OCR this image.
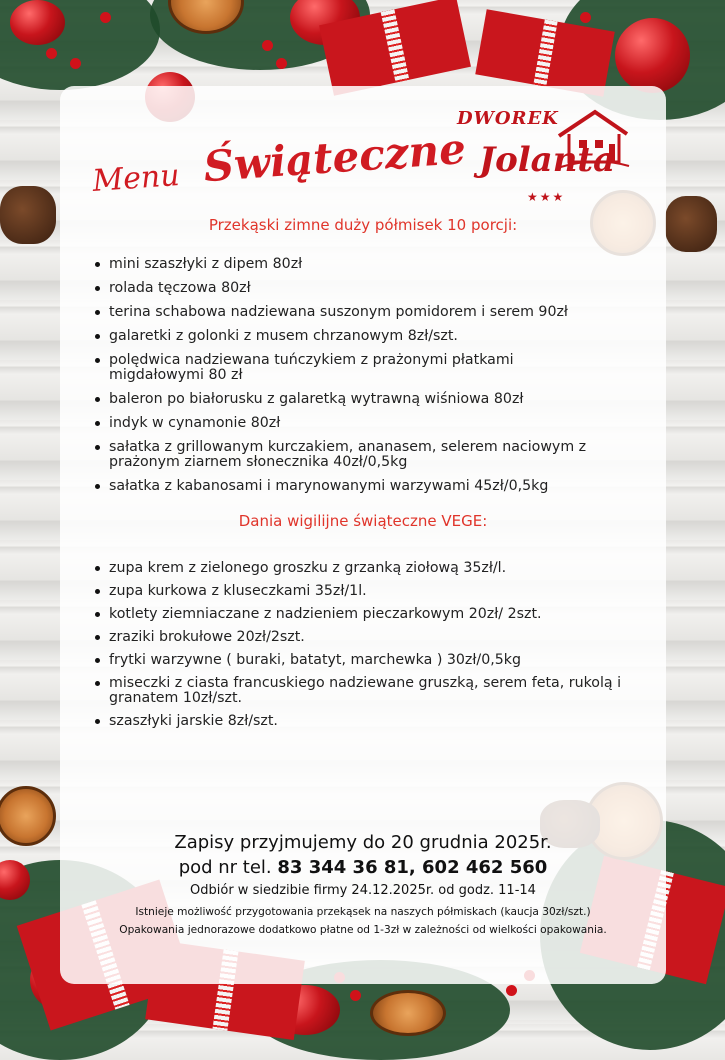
Menu Świąteczne
DWOREK
Jolanta
★★★
Przekąski zimne duży półmisek 10 porcji:
mini szaszłyki z dipem 80zł
rolada tęczowa 80zł
terina schabowa nadziewana suszonym pomidorem i serem 90zł
galaretki z golonki z musem chrzanowym 8zł/szt.
polędwica nadziewana tuńczykiem z prażonymi płatkami migdałowymi 80 zł
baleron po białorusku z galaretką wytrawną wiśniowa 80zł
indyk w cynamonie 80zł
sałatka z grillowanym kurczakiem, ananasem, selerem naciowym z prażonym ziarnem słonecznika 40zł/0,5kg
sałatka z kabanosami i marynowanymi warzywami 45zł/0,5kg
Dania wigilijne świąteczne VEGE:
zupa krem z zielonego groszku z grzanką ziołową 35zł/l.
zupa kurkowa z kluseczkami 35zł/1l.
kotlety ziemniaczane z nadzieniem pieczarkowym 20zł/ 2szt.
zraziki brokułowe 20zł/2szt.
frytki warzywne ( buraki, batatyt, marchewka ) 30zł/0,5kg
miseczki z ciasta francuskiego nadziewane gruszką, serem feta, rukolą i granatem 10zł/szt.
szaszłyki jarskie 8zł/szt.
Zapisy przyjmujemy do 20 grudnia 2025r.
pod nr tel. 83 344 36 81, 602 462 560
Odbiór w siedzibie firmy 24.12.2025r. od godz. 11-14
Istnieje możliwość przygotowania przekąsek na naszych półmiskach (kaucja 30zł/szt.)
Opakowania jednorazowe dodatkowo płatne od 1-3zł w zależności od wielkości opakowania.
